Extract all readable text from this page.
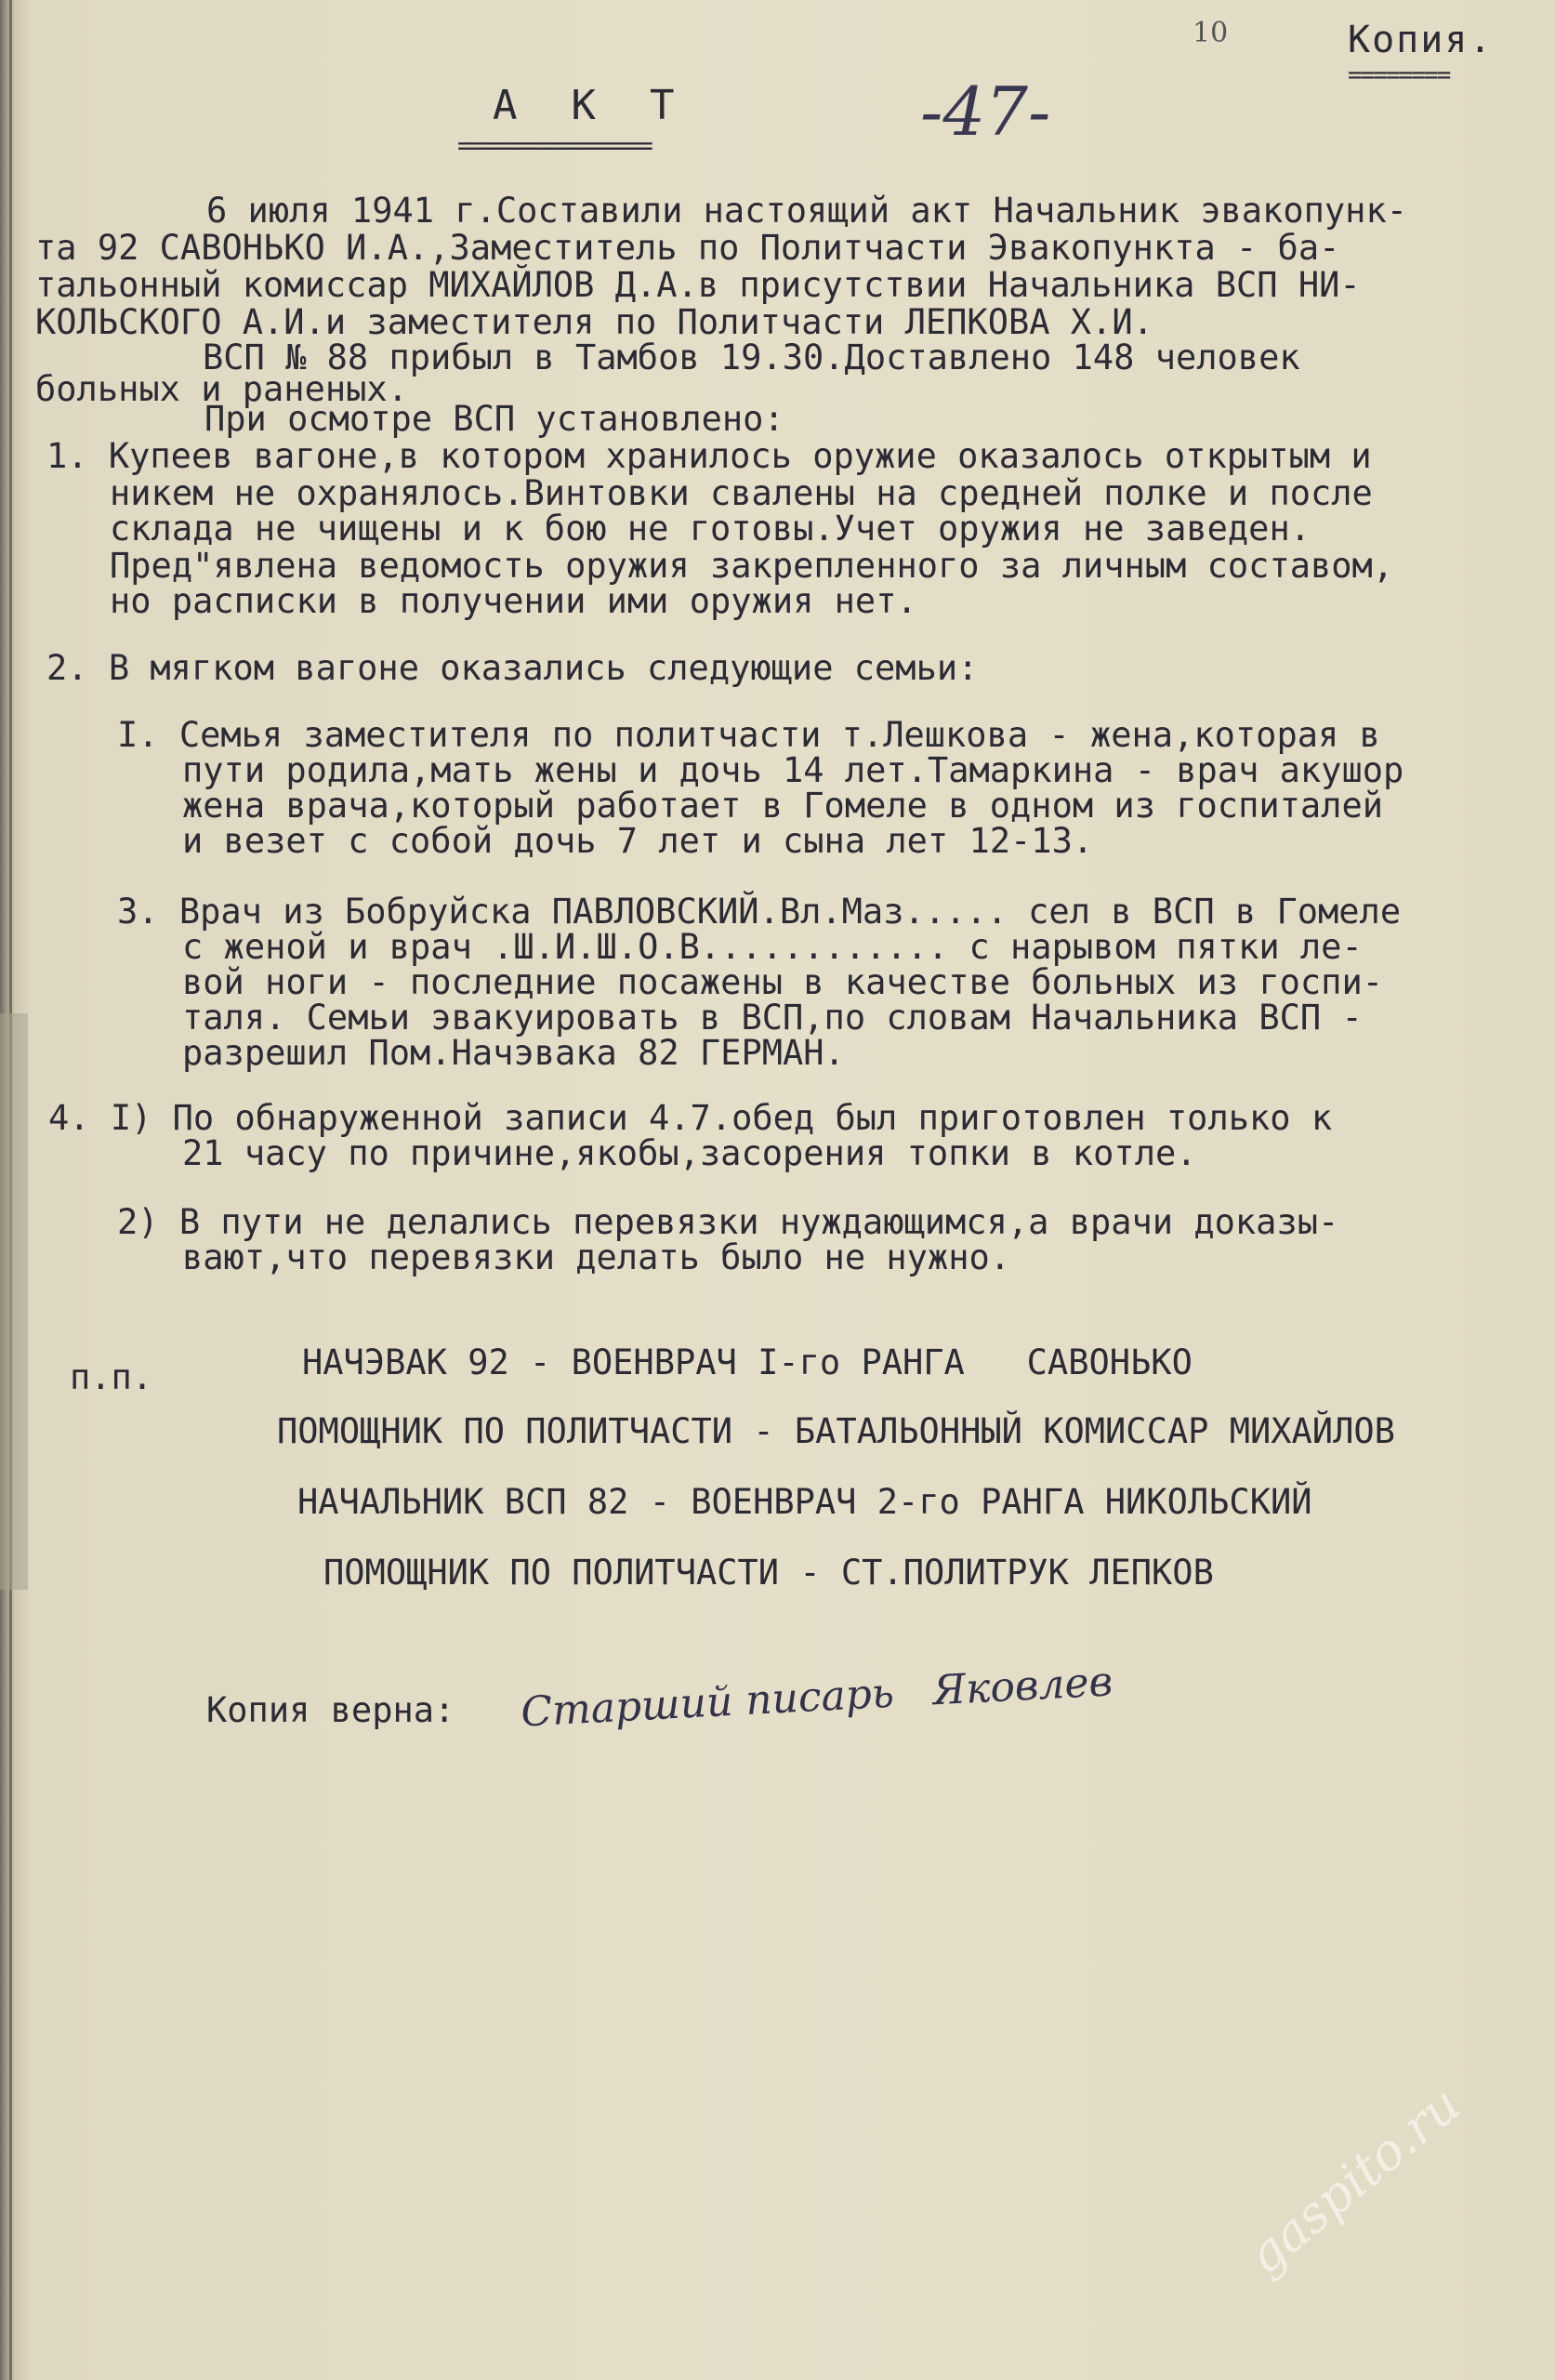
10	Копия.
========
АКТ
===============	-47-
6 июля 1941 г.Составили настоящий акт Начальник эвакопунк-
та 92 САВОНЬКО И.А.,Заместитель по Политчасти Эвакопункта - ба-
тальонный комиссар МИХАЙЛОВ Д.А.в присутствии Начальника ВСП НИ-
КОЛЬСКОГО А.И.и заместителя по Политчасти ЛЕПКОВА Х.И.
ВСП № 88 прибыл в Тамбов 19.30.Доставлено 148 человек
больных и раненых.
При осмотре ВСП установлено:
1. Купеев вагоне,в котором хранилось оружие оказалось открытым и
никем не охранялось.Винтовки свалены на средней полке и после
склада не чищены и к бою не готовы.Учет оружия не заведен.
Пред"явлена ведомость оружия закрепленного за личным составом,
но расписки в получении ими оружия нет.
2. В мягком вагоне оказались следующие семьи:
I. Семья заместителя по политчасти т.Лешкова - жена,которая в
пути родила,мать жены и дочь 14 лет.Тамаркина - врач акушор
жена врача,который работает в Гомеле в одном из госпиталей
и везет с собой дочь 7 лет и сына лет 12-13.
3. Врач из Бобруйска ПАВЛОВСКИЙ.Вл.Маз..... сел в ВСП в Гомеле
с женой и врач .Ш.И.Ш.О.В............ с нарывом пятки ле-
вой ноги - последние посажены в качестве больных из госпи-
таля. Семьи эвакуировать в ВСП,по словам Начальника ВСП -
разрешил Пом.Начэвака 82 ГЕРМАН.
4. I) По обнаруженной записи 4.7.обед был приготовлен только к
21 часу по причине,якобы,засорения топки в котле.
2) В пути не делались перевязки нуждающимся,а врачи доказы-
вают,что перевязки делать было не нужно.
п.п.	НАЧЭВАК 92 - ВОЕНВРАЧ I-го РАНГА   САВОНЬКО
ПОМОЩНИК ПО ПОЛИТЧАСТИ - БАТАЛЬОННЫЙ КОМИССАР МИХАЙЛОВ
НАЧАЛЬНИК ВСП 82 - ВОЕНВРАЧ 2-го РАНГА НИКОЛЬСКИЙ
ПОМОЩНИК ПО ПОЛИТЧАСТИ - СТ.ПОЛИТРУК ЛЕПКОВ
Копия верна: Старший писарь   Яковлев
gaspito.ru
